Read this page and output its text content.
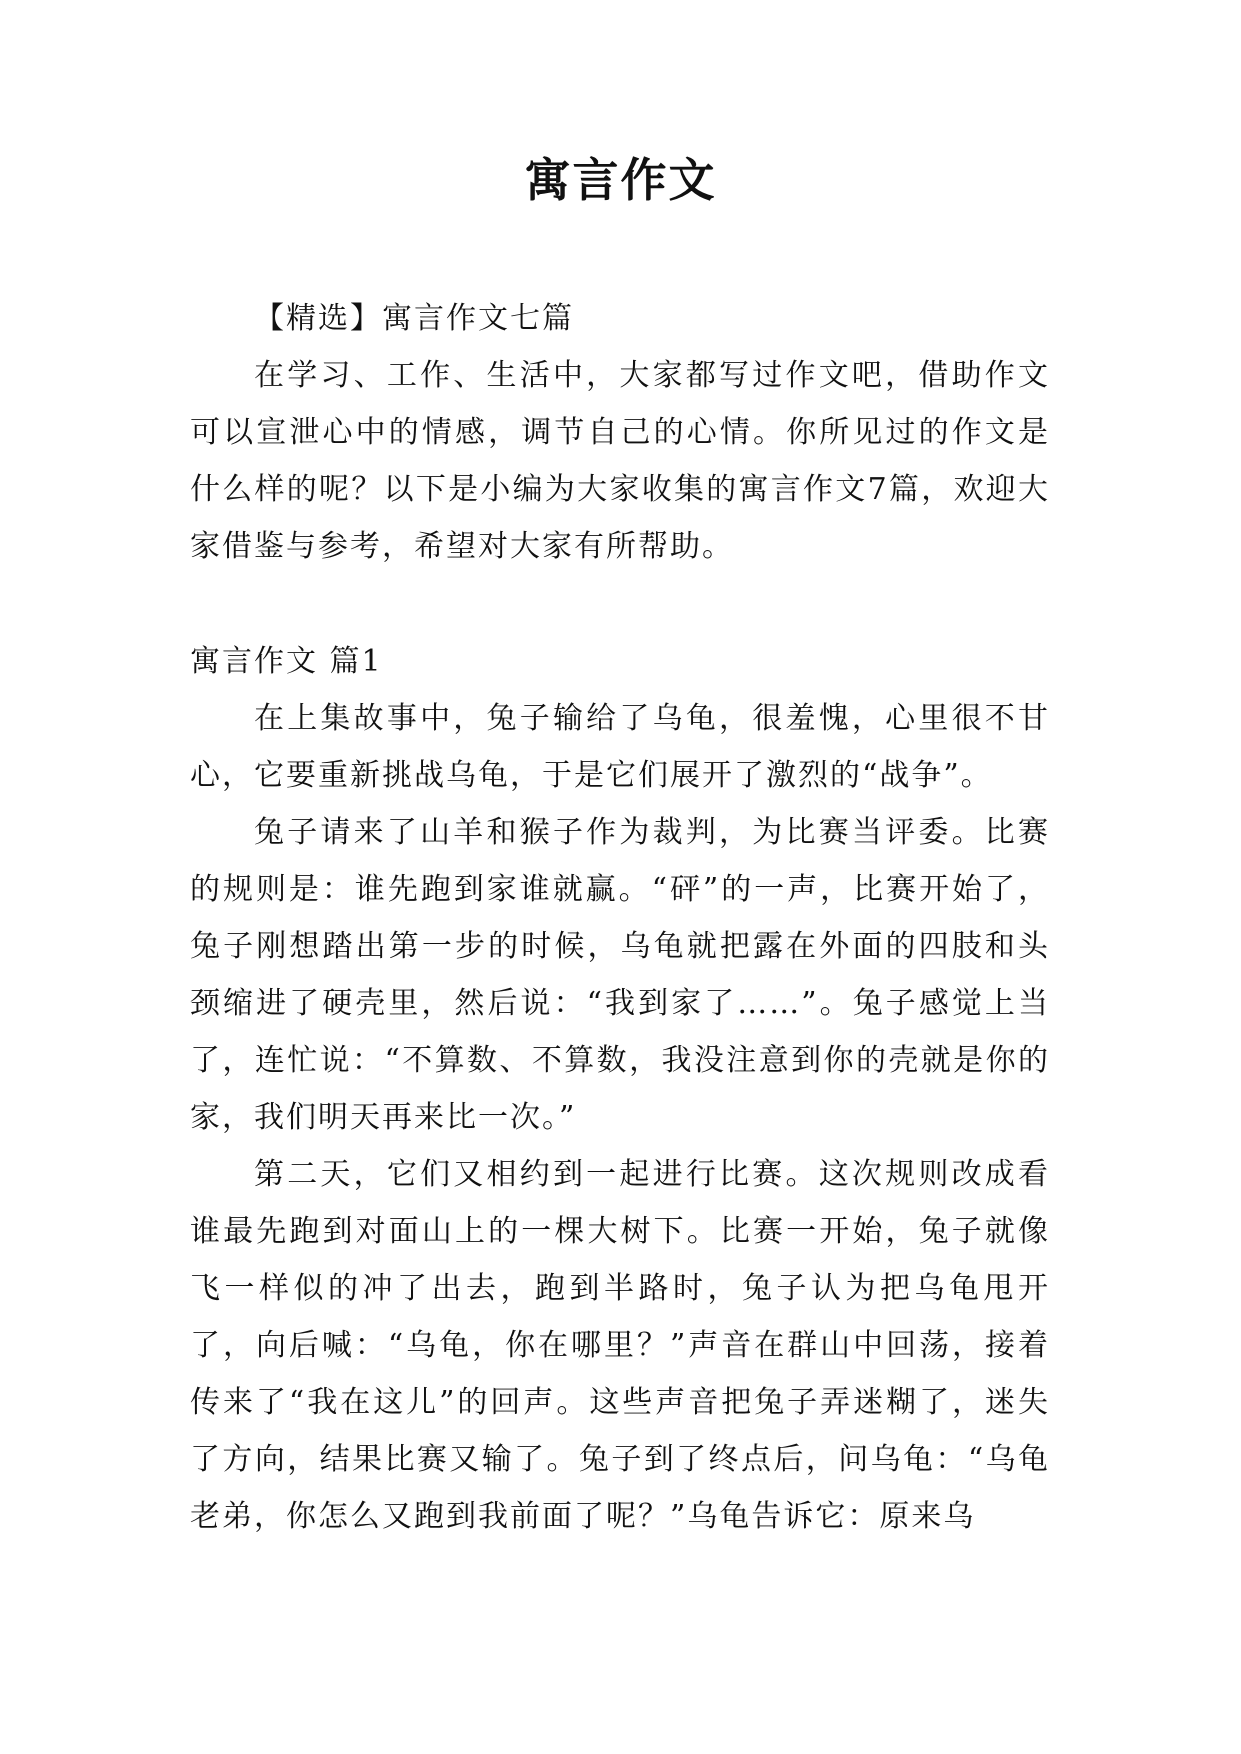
寓言作文

【精选】寓言作文七篇

在学习、工作、生活中，大家都写过作文吧，借助作文可以宣泄心中的情感，调节自己的心情。你所见过的作文是什么样的呢？以下是小编为大家收集的寓言作文7篇，欢迎大家借鉴与参考，希望对大家有所帮助。

寓言作文 篇1

在上集故事中，兔子输给了乌龟，很羞愧，心里很不甘心，它要重新挑战乌龟，于是它们展开了激烈的“战争”。

兔子请来了山羊和猴子作为裁判，为比赛当评委。比赛的规则是：谁先跑到家谁就赢。“砰”的一声，比赛开始了，兔子刚想踏出第一步的时候，乌龟就把露在外面的四肢和头颈缩进了硬壳里，然后说：“我到家了……”。兔子感觉上当了，连忙说：“不算数、不算数，我没注意到你的壳就是你的家，我们明天再来比一次。”

第二天，它们又相约到一起进行比赛。这次规则改成看谁最先跑到对面山上的一棵大树下。比赛一开始，兔子就像飞一样似的冲了出去，跑到半路时，兔子认为把乌龟甩开了，向后喊：“乌龟，你在哪里？”声音在群山中回荡，接着传来了“我在这儿”的回声。这些声音把兔子弄迷糊了，迷失了方向，结果比赛又输了。兔子到了终点后，问乌龟：“乌龟老弟，你怎么又跑到我前面了呢？”乌龟告诉它：原来乌
